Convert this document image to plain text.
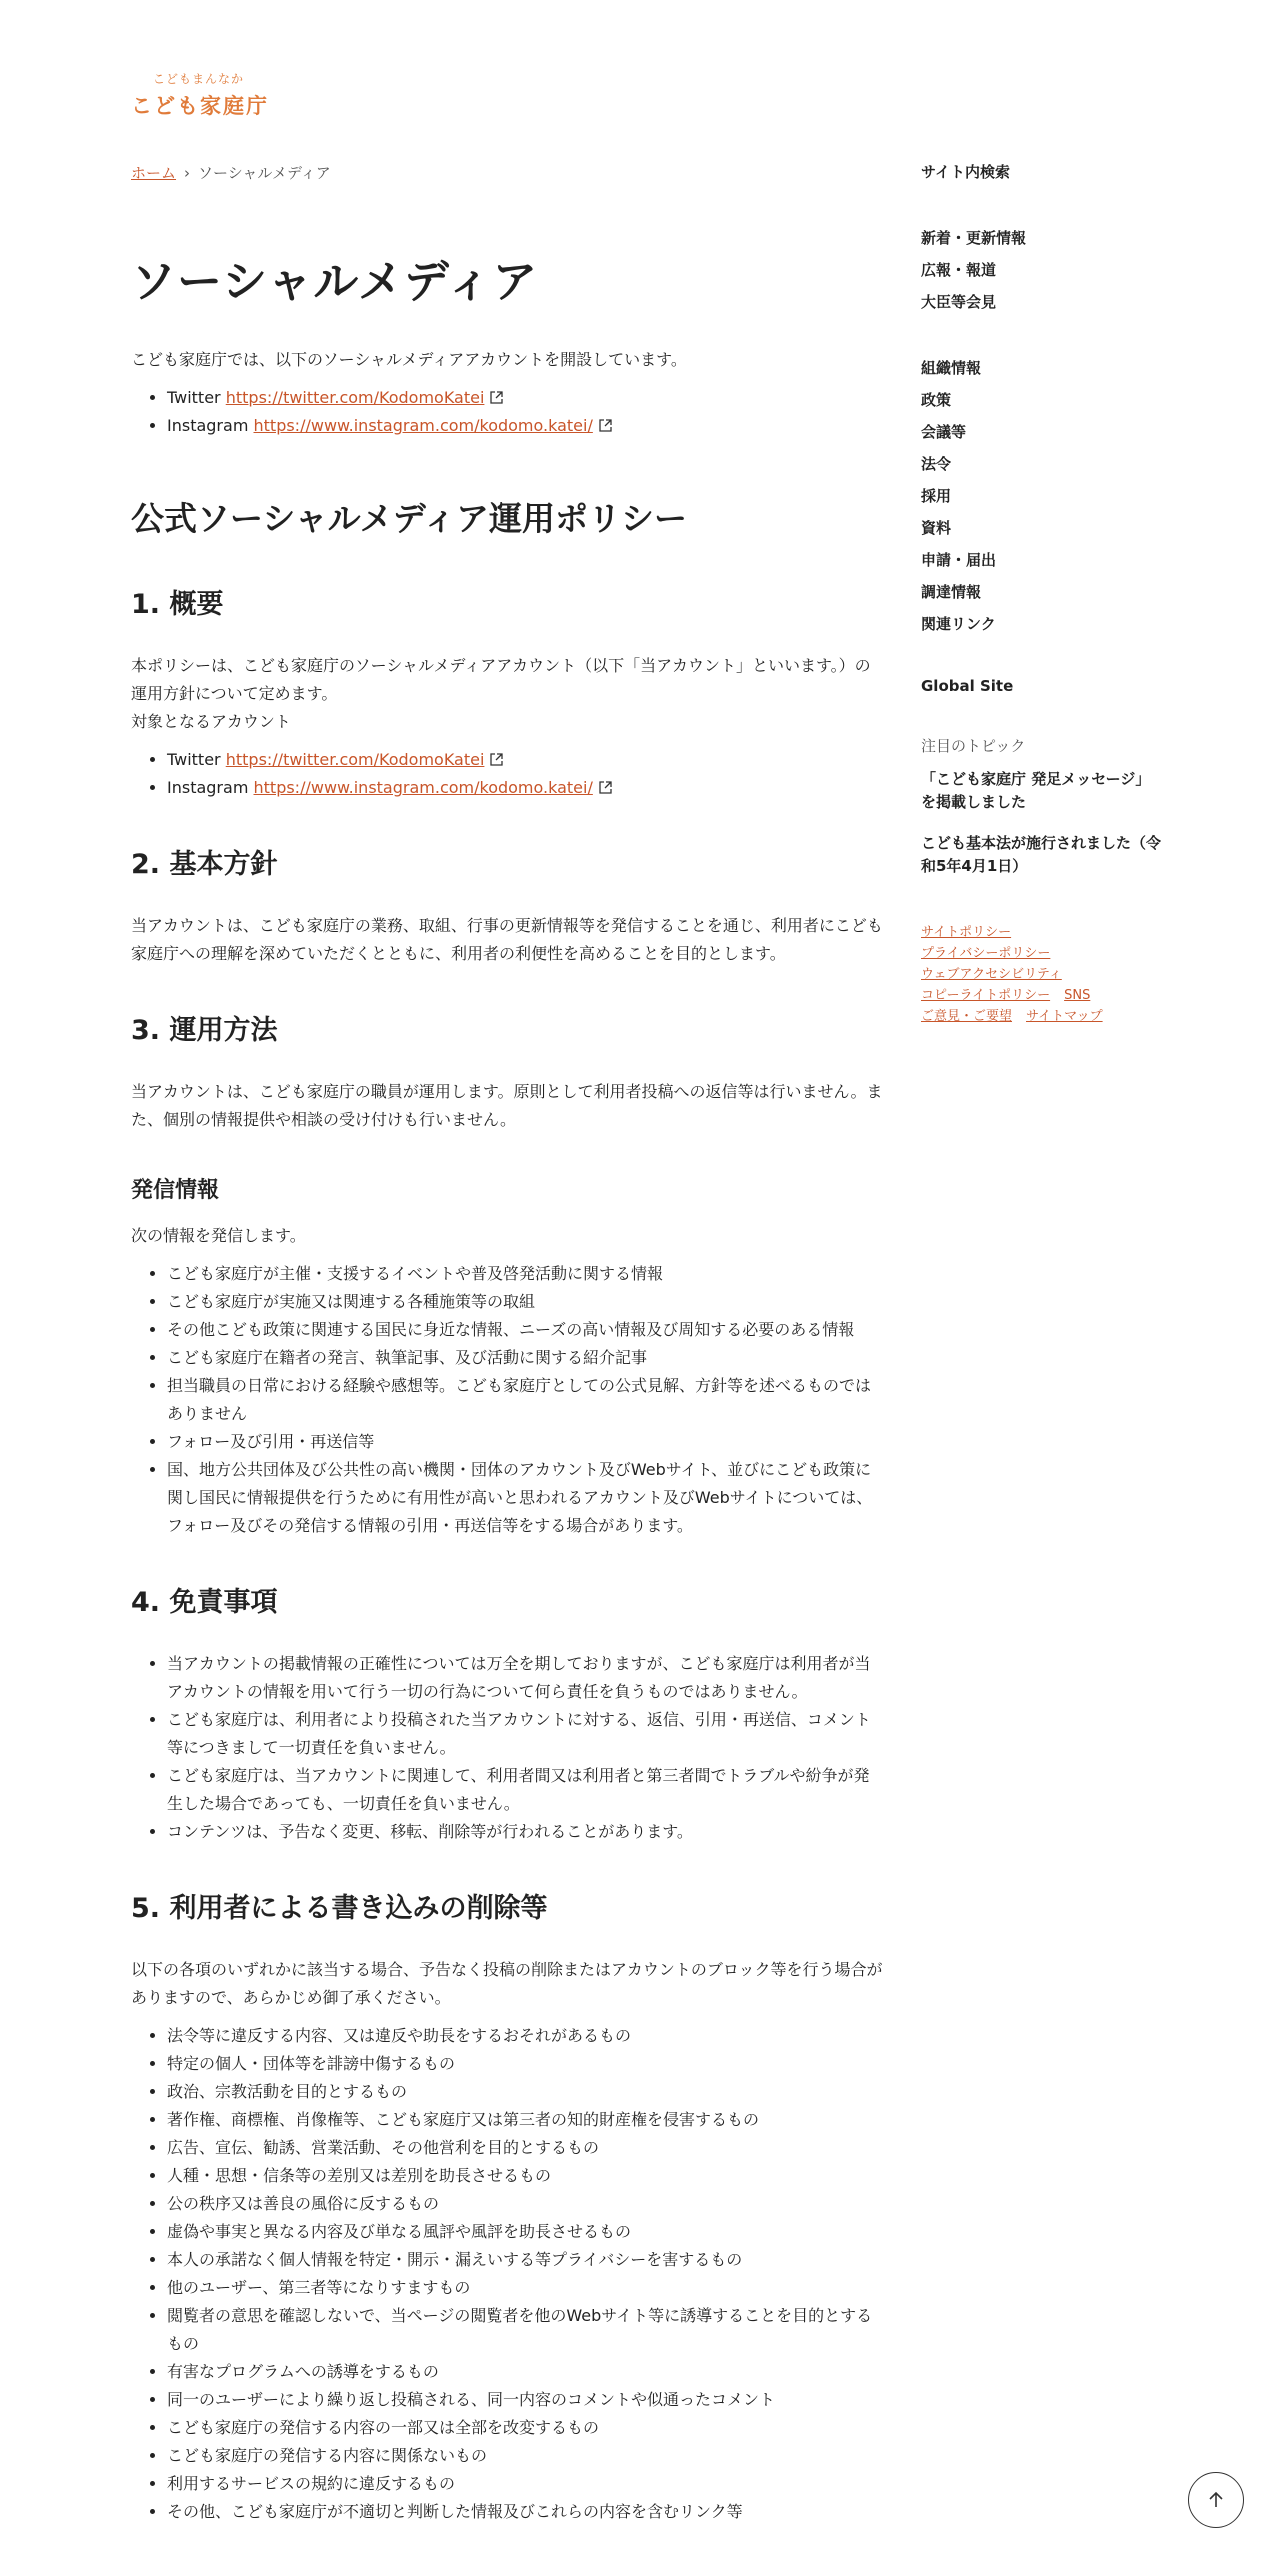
こどもまんなか
こども家庭庁
ホーム › ソーシャルメディア
ソーシャルメディア

こども家庭庁では、以下のソーシャルメディアアカウントを開設しています。

• Twitter https://twitter.com/KodomoKatei
• Instagram https://www.instagram.com/kodomo.katei/
公式ソーシャルメディア運用ポリシー
1. 概要

本ポリシーは、こども家庭庁のソーシャルメディアアカウント（以下「当アカウント」といいます。）の運用方針について定めます。
対象となるアカウント

• Twitter https://twitter.com/KodomoKatei
• Instagram https://www.instagram.com/kodomo.katei/
2. 基本方針

当アカウントは、こども家庭庁の業務、取組、行事の更新情報等を発信することを通じ、利用者にこども家庭庁への理解を深めていただくとともに、利用者の利便性を高めることを目的とします。

3. 運用方法

当アカウントは、こども家庭庁の職員が運用します。原則として利用者投稿への返信等は行いません。また、個別の情報提供や相談の受け付けも行いません。

発信情報

次の情報を発信します。

• こども家庭庁が主催・支援するイベントや普及啓発活動に関する情報
• こども家庭庁が実施又は関連する各種施策等の取組
• その他こども政策に関連する国民に身近な情報、ニーズの高い情報及び周知する必要のある情報
• こども家庭庁在籍者の発言、執筆記事、及び活動に関する紹介記事
• 担当職員の日常における経験や感想等。こども家庭庁としての公式見解、方針等を述べるものではありません
• フォロー及び引用・再送信等
• 国、地方公共団体及び公共性の高い機関・団体のアカウント及びWebサイト、並びにこども政策に関し国民に情報提供を行うために有用性が高いと思われるアカウント及びWebサイトについては、フォロー及びその発信する情報の引用・再送信等をする場合があります。
4. 免責事項
• 当アカウントの掲載情報の正確性については万全を期しておりますが、こども家庭庁は利用者が当アカウントの情報を用いて行う一切の行為について何ら責任を負うものではありません。
• こども家庭庁は、利用者により投稿された当アカウントに対する、返信、引用・再送信、コメント等につきまして一切責任を負いません。
• こども家庭庁は、当アカウントに関連して、利用者間又は利用者と第三者間でトラブルや紛争が発生した場合であっても、一切責任を負いません。
• コンテンツは、予告なく変更、移転、削除等が行われることがあります。
5. 利用者による書き込みの削除等

以下の各項のいずれかに該当する場合、予告なく投稿の削除またはアカウントのブロック等を行う場合がありますので、あらかじめ御了承ください。

• 法令等に違反する内容、又は違反や助長をするおそれがあるもの
• 特定の個人・団体等を誹謗中傷するもの
• 政治、宗教活動を目的とするもの
• 著作権、商標権、肖像権等、こども家庭庁又は第三者の知的財産権を侵害するもの
• 広告、宣伝、勧誘、営業活動、その他営利を目的とするもの
• 人種・思想・信条等の差別又は差別を助長させるもの
• 公の秩序又は善良の風俗に反するもの
• 虚偽や事実と異なる内容及び単なる風評や風評を助長させるもの
• 本人の承諾なく個人情報を特定・開示・漏えいする等プライバシーを害するもの
• 他のユーザー、第三者等になりすますもの
• 閲覧者の意思を確認しないで、当ページの閲覧者を他のWebサイト等に誘導することを目的とするもの
• 有害なプログラムへの誘導をするもの
• 同一のユーザーにより繰り返し投稿される、同一内容のコメントや似通ったコメント
• こども家庭庁の発信する内容の一部又は全部を改変するもの
• こども家庭庁の発信する内容に関係ないもの
• 利用するサービスの規約に違反するもの
• その他、こども家庭庁が不適切と判断した情報及びこれらの内容を含むリンク等
サイト内検索
新着・更新情報
広報・報道
大臣等会見
組織情報
政策
会議等
法令
採用
資料
申請・届出
調達情報
関連リンク
Global Site
注目のトピック
「こども家庭庁 発足メッセージ」を掲載しました
こども基本法が施行されました（令和5年4月1日）
サイトポリシー
プライバシーポリシー
ウェブアクセシビリティ
コピーライトポリシー SNS
ご意見・ご要望 サイトマップ
